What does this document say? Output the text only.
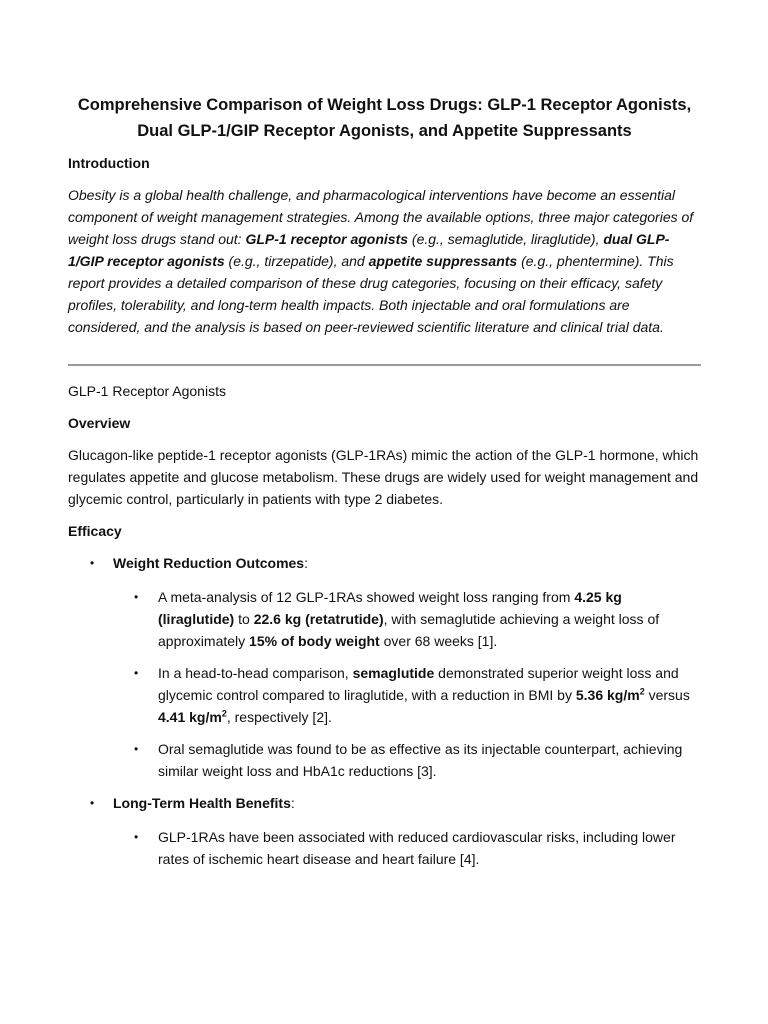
Comprehensive Comparison of Weight Loss Drugs: GLP-1 Receptor Agonists,
Dual GLP-1/GIP Receptor Agonists, and Appetite Suppressants

Introduction

Obesity is a global health challenge, and pharmacological interventions have become an essential component of weight management strategies. Among the available options, three major categories of weight loss drugs stand out: GLP-1 receptor agonists (e.g., semaglutide, liraglutide), dual GLP-1/GIP receptor agonists (e.g., tirzepatide), and appetite suppressants (e.g., phentermine). This report provides a detailed comparison of these drug categories, focusing on their efficacy, safety profiles, tolerability, and long-term health impacts. Both injectable and oral formulations are considered, and the analysis is based on peer-reviewed scientific literature and clinical trial data.

GLP-1 Receptor Agonists

Overview

Glucagon-like peptide-1 receptor agonists (GLP-1RAs) mimic the action of the GLP-1 hormone, which regulates appetite and glucose metabolism. These drugs are widely used for weight management and glycemic control, particularly in patients with type 2 diabetes.

Efficacy

• Weight Reduction Outcomes:
• A meta-analysis of 12 GLP-1RAs showed weight loss ranging from 4.25 kg (liraglutide) to 22.6 kg (retatrutide), with semaglutide achieving a weight loss of approximately 15% of body weight over 68 weeks [1].
• In a head-to-head comparison, semaglutide demonstrated superior weight loss and glycemic control compared to liraglutide, with a reduction in BMI by 5.36 $kg/m^2$ versus 4.41 $kg/m^2$, respectively [2].
• Oral semaglutide was found to be as effective as its injectable counterpart, achieving similar weight loss and HbA1c reductions [3].
• Long-Term Health Benefits:
• GLP-1RAs have been associated with reduced cardiovascular risks, including lower rates of ischemic heart disease and heart failure [4].
